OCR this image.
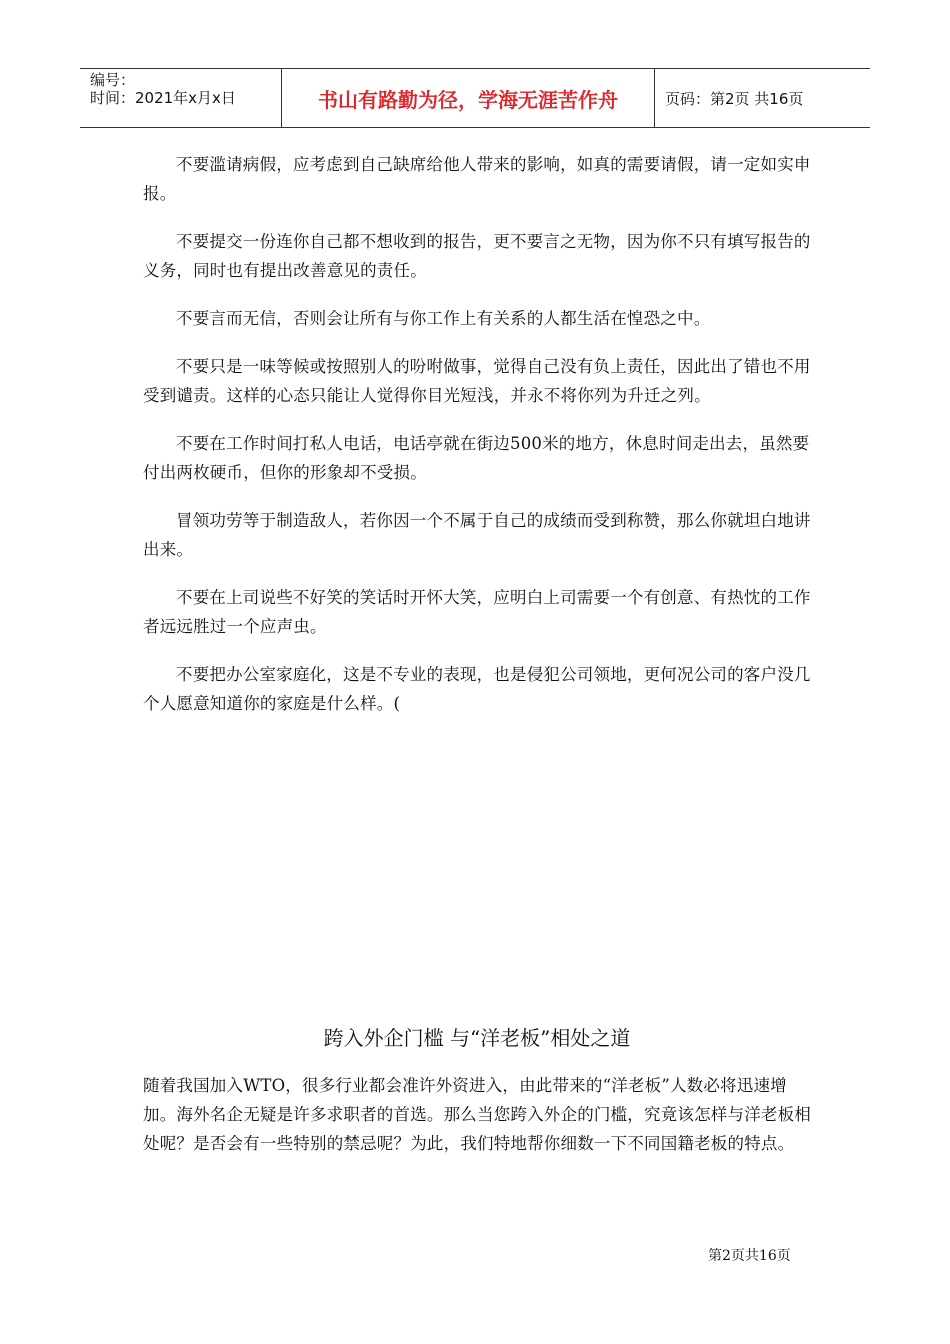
编号：
时间：2021年x月x日	书山有路勤为径，学海无涯苦作舟	页码：第2页 共16页

不要滥请病假，应考虑到自己缺席给他人带来的影响，如真的需要请假，请一定如实申报。

不要提交一份连你自己都不想收到的报告，更不要言之无物，因为你不只有填写报告的义务，同时也有提出改善意见的责任。

不要言而无信，否则会让所有与你工作上有关系的人都生活在惶恐之中。

不要只是一味等候或按照别人的吩咐做事，觉得自己没有负上责任，因此出了错也不用受到谴责。这样的心态只能让人觉得你目光短浅，并永不将你列为升迁之列。

不要在工作时间打私人电话，电话亭就在街边500米的地方，休息时间走出去，虽然要付出两枚硬币，但你的形象却不受损。

冒领功劳等于制造敌人，若你因一个不属于自己的成绩而受到称赞，那么你就坦白地讲出来。

不要在上司说些不好笑的笑话时开怀大笑，应明白上司需要一个有创意、有热忱的工作者远远胜过一个应声虫。

不要把办公室家庭化，这是不专业的表现，也是侵犯公司领地，更何况公司的客户没几个人愿意知道你的家庭是什么样。(

跨入外企门槛 与“洋老板”相处之道

随着我国加入WTO，很多行业都会准许外资进入，由此带来的“洋老板”人数必将迅速增加。海外名企无疑是许多求职者的首选。那么当您跨入外企的门槛，究竟该怎样与洋老板相处呢？是否会有一些特别的禁忌呢？为此，我们特地帮你细数一下不同国籍老板的特点。

第2页共16页
